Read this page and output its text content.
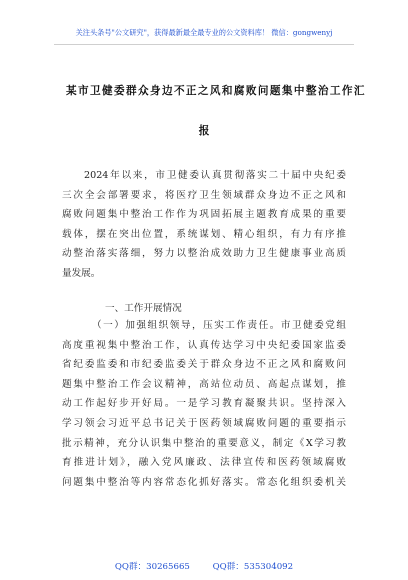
关注头条号"公文研究"，获得最新最全最专业的公文资料库！ 微信：gongwenyj
某市卫健委群众身边不正之风和腐败问题集中整治工作汇
报
2024年以来，市卫健委认真贯彻落实二十届中央纪委
三次全会部署要求，将医疗卫生领域群众身边不正之风和
腐败问题集中整治工作作为巩固拓展主题教育成果的重要
载体，摆在突出位置，系统谋划、精心组织，有力有序推
动整治落实落细，努力以整治成效助力卫生健康事业高质
量发展。
一、工作开展情况
（一）加强组织领导，压实工作责任。市卫健委党组
高度重视集中整治工作，认真传达学习中央纪委国家监委
省纪委监委和市纪委监委关于群众身边不正之风和腐败问
题集中整治工作会议精神，高站位动员、高起点谋划，推
动工作起好步开好局。一是学习教育凝聚共识。坚持深入
学习领会习近平总书记关于医药领域腐败问题的重要指示
批示精神，充分认识集中整治的重要意义，制定《X学习教
育推进计划》，融入党风廉政、法律宣传和医药领域腐败
问题集中整治等内容常态化抓好落实。常态化组织委机关
QQ群：30265665	QQ群：535304092
